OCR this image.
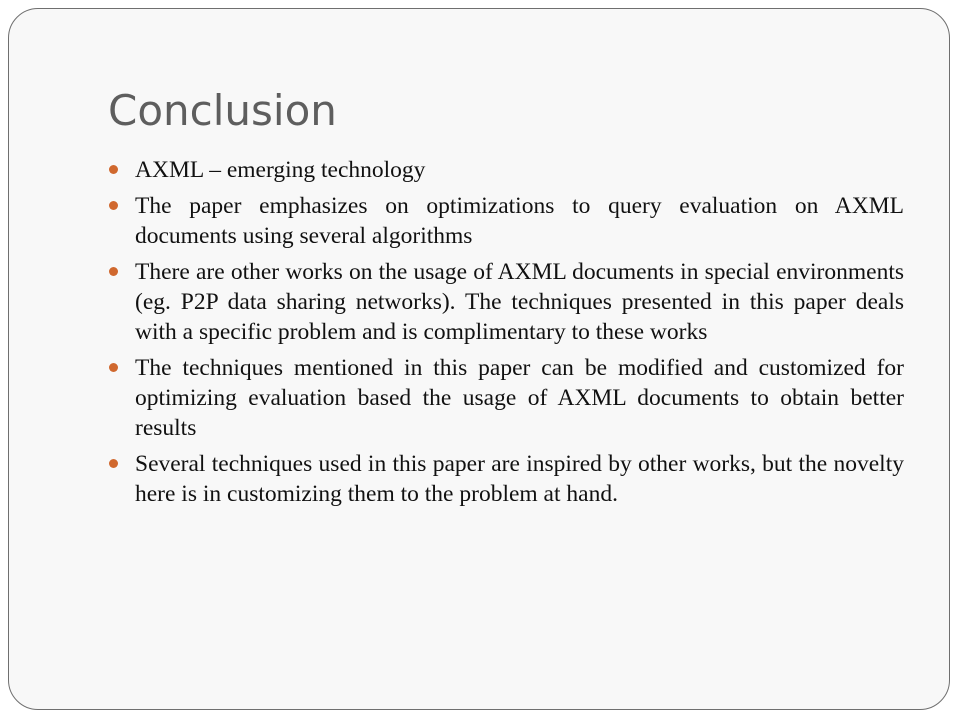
Conclusion
AXML – emerging technology
The paper emphasizes on optimizations to query evaluation on AXML documents using several algorithms
There are other works on the usage of AXML documents in special environments (eg. P2P data sharing networks). The techniques presented in this paper deals with a specific problem and is complimentary to these works
The techniques mentioned in this paper can be modified and customized for optimizing evaluation based the usage of AXML documents to obtain better results
Several techniques used in this paper are inspired by other works, but the novelty here is in customizing them to the problem at hand.
